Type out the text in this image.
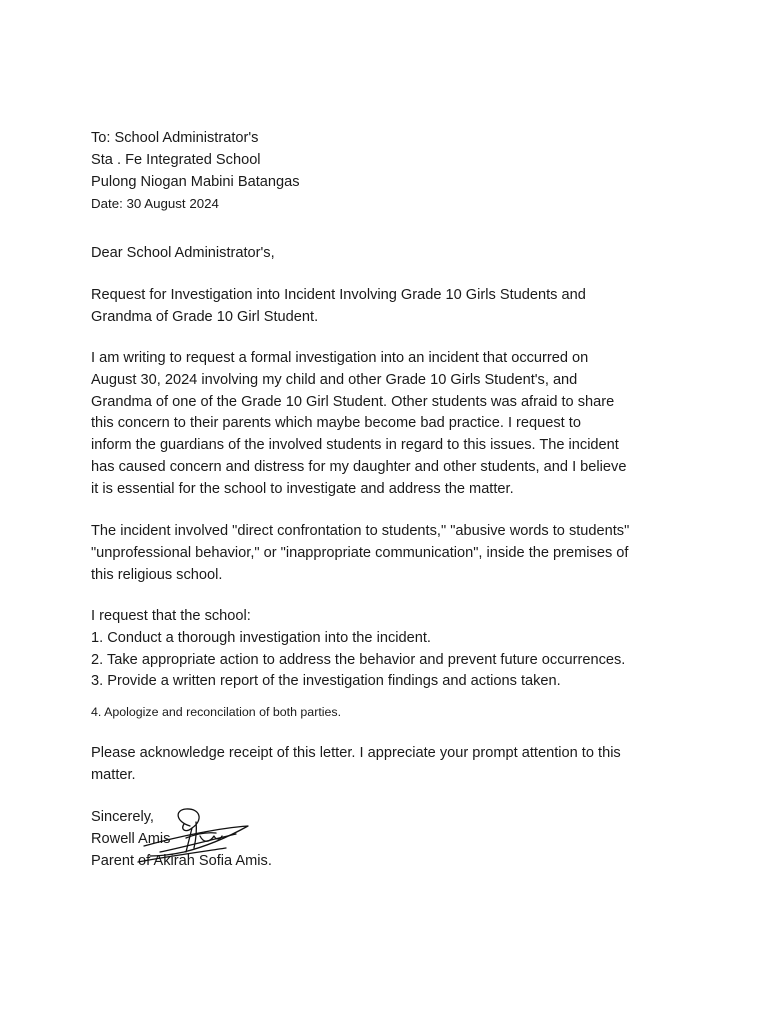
To: School Administrator's
Sta . Fe Integrated School
Pulong Niogan Mabini Batangas
Date: 30 August 2024
Dear School Administrator's,
Request for Investigation into Incident Involving Grade 10 Girls Students and
Grandma of Grade 10 Girl Student.
I am writing to request a formal investigation into an incident that occurred on
August 30, 2024 involving my child and other Grade 10 Girls Student's, and
Grandma of one of the Grade 10 Girl Student. Other students was afraid to share
this concern to their parents which maybe become bad practice. I request to
inform the guardians of the involved students in regard to this issues. The incident
has caused concern and distress for my daughter and other students, and I believe
it is essential for the school to investigate and address the matter.
The incident involved "direct confrontation to students," "abusive words to students"
"unprofessional behavior," or "inappropriate communication", inside the premises of
this religious school.
I request that the school:
1. Conduct a thorough investigation into the incident.
2. Take appropriate action to address the behavior and prevent future occurrences.
3. Provide a written report of the investigation findings and actions taken.
4. Apologize and reconcilation of both parties.
Please acknowledge receipt of this letter. I appreciate your prompt attention to this
matter.
Sincerely,
Rowell Amis
Parent of Akirah Sofia Amis.
